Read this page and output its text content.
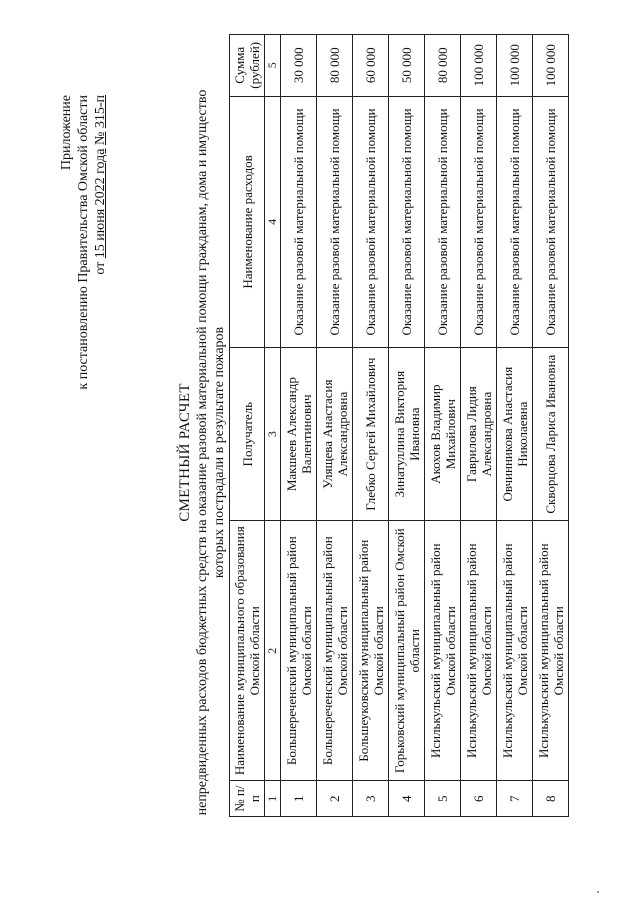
Приложение к постановлению Правительства Омской области от 15 июня 2022 года № 315-п
СМЕТНЫЙ РАСЧЕТ непредвиденных расходов бюджетных средств на оказание разовой материальной помощи гражданам, дома и имущество которых пострадали в результате пожаров
№ п/п	Наименование муниципального образования Омской области	Получатель	Наименование расходов	Сумма (рублей)
1	2	3	4	5
1	Большереченский муниципальный район Омской области	Макшеев Александр Валентинович	Оказание разовой материальной помощи	30 000
2	Большереченский муниципальный район Омской области	Улящева Анастасия Александровна	Оказание разовой материальной помощи	80 000
3	Большеуковский муниципальный район Омской области	Глебко Сергей Михайлович	Оказание разовой материальной помощи	60 000
4	Горьковский муниципальный район Омской области	Зинатуллина Виктория Ивановна	Оказание разовой материальной помощи	50 000
5	Исилькульский муниципальный район Омской области	Акохов Владимир Михайлович	Оказание разовой материальной помощи	80 000
6	Исилькульский муниципальный район Омской области	Гаврилова Лидия Александровна	Оказание разовой материальной помощи	100 000
7	Исилькульский муниципальный район Омской области	Овчинникова Анастасия Николаевна	Оказание разовой материальной помощи	100 000
8	Исилькульский муниципальный район Омской области	Скворцова Лариса Ивановна	Оказание разовой материальной помощи	100 000
